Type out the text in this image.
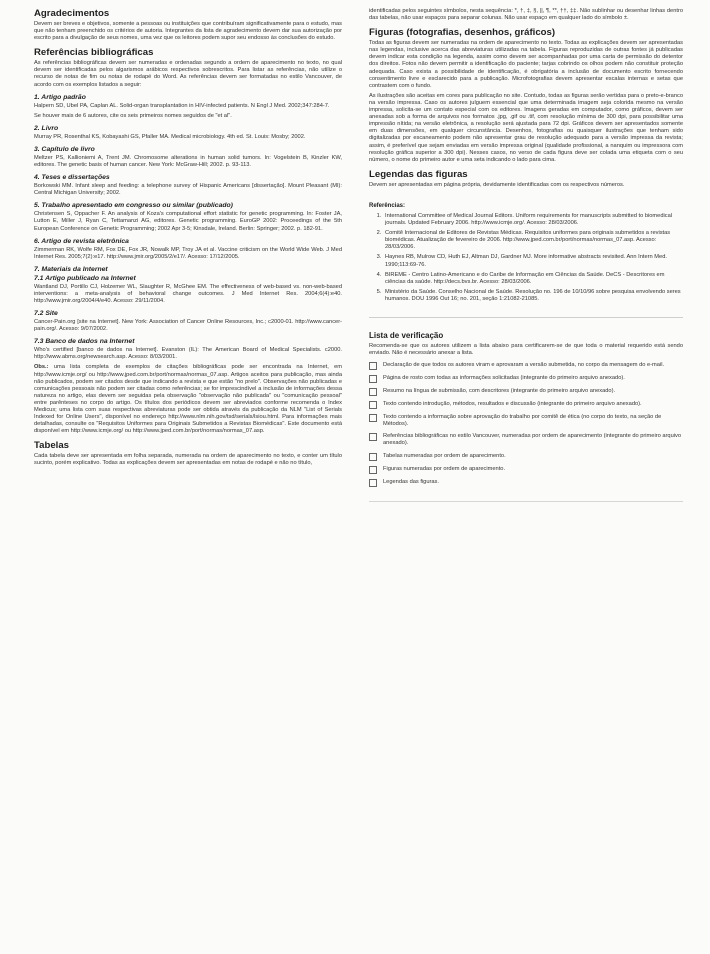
Agradecimentos

Devem ser breves e objetivos, somente a pessoas ou instituições que contribuíram significativamente para o estudo, mas que não tenham preenchido os critérios de autoria. Integrantes da lista de agradecimento devem dar sua autorização por escrito para a divulgação de seus nomes, uma vez que os leitores podem supor seu endosso às conclusões do estudo.

Referências bibliográficas

As referências bibliográficas devem ser numeradas e ordenadas segundo a ordem de aparecimento no texto, no qual devem ser identificadas pelos algarismos arábicos respectivos sobrescritos. Para listar as referências, não utilize o recurso de notas de fim ou notas de rodapé do Word. As referências devem ser formatadas no estilo Vancouver, de acordo com os exemplos listados a seguir:

1. Artigo padrão

Halpern SD, Ubel PA, Caplan AL. Solid-organ transplantation in HIV-infected patients. N Engl J Med. 2002;347:284-7.

Se houver mais de 6 autores, cite os seis primeiros nomes seguidos de "et al".

2. Livro

Murray PR, Rosenthal KS, Kobayashi GS, Pfaller MA. Medical microbiology. 4th ed. St. Louis: Mosby; 2002.

3. Capítulo de livro

Meltzer PS, Kallioniemi A, Trent JM. Chromosome alterations in human solid tumors. In: Vogelstein B, Kinzler KW, editores. The genetic basis of human cancer. New York: McGraw-Hill; 2002. p. 93-113.

4. Teses e dissertações

Borkowski MM. Infant sleep and feeding: a telephone survey of Hispanic Americans [dissertação]. Mount Pleasant (MI): Central Michigan University; 2002.

5. Trabalho apresentado em congresso ou similar (publicado)

Christensen S, Oppacher F. An analysis of Koza's computational effort statistic for genetic programming. In: Foster JA, Lutton E, Miller J, Ryan C, Tettamanzi AG, editores. Genetic programming. EuroGP 2002: Proceedings of the 5th European Conference on Genetic Programming; 2002 Apr 3-5; Kinsdale, Ireland. Berlin: Springer; 2002. p. 182-91.

6. Artigo de revista eletrônica

Zimmerman RK, Wolfe RM, Fox DE, Fox JR, Nowalk MP, Troy JA et al. Vaccine criticism on the World Wide Web. J Med Internet Res. 2005;7(2):e17. http://www.jmir.org/2005/2/e17/. Acesso: 17/12/2005.

7. Materiais da Internet
7.1 Artigo publicado na Internet

Wantland DJ, Portillo CJ, Holzemer WL, Slaughter R, McGhee EM. The effectiveness of web-based vs. non-web-based interventions: a meta-analysis of behavioral change outcomes. J Med Internet Res. 2004;6(4):e40. http://www.jmir.org/2004/4/e40. Acesso: 29/11/2004.

7.2 Site

Cancer-Pain.org [site na Internet]. New York: Association of Cancer Online Resources, Inc.; c2000-01. http://www.cancer-pain.org/. Acesso: 9/07/2002.

7.3 Banco de dados na Internet

Who's certified [banco de dados na Internet]. Evanston (IL): The American Board of Medical Specialists. c2000. http://www.abms.org/newsearch.asp. Acesso: 8/03/2001.

Obs.: uma lista completa de exemplos de citações bibliográficas pode ser encontrada na Internet, em http://www.icmje.org/ ou http://www.jped.com.br/port/normas/normas_07.asp. Artigos aceitos para publicação, mas ainda não publicados, podem ser citados desde que indicando a revista e que estão "no prelo". Observações não publicadas e comunicações pessoais não podem ser citadas como referências; se for imprescindível a inclusão de informações dessa natureza no artigo, elas devem ser seguidas pela observação "observação não publicada" ou "comunicação pessoal" entre parênteses no corpo do artigo. Os títulos dos periódicos devem ser abreviados conforme recomenda o Index Medicus; uma lista com suas respectivas abreviaturas pode ser obtida através da publicação da NLM "List of Serials Indexed for Online Users", disponível no endereço http://www.nlm.nih.gov/tsd/serials/lsiou.html. Para informações mais detalhadas, consulte os "Requisitos Uniformes para Originais Submetidos a Revistas Biomédicas". Este documento está disponível em http://www.icmje.org/ ou http://www.jped.com.br/port/normas/normas_07.asp.

Tabelas

Cada tabela deve ser apresentada em folha separada, numerada na ordem de aparecimento no texto, e conter um título sucinto, porém explicativo. Todas as explicações devem ser apresentadas em notas de rodapé e não no título,

identificadas pelos seguintes símbolos, nesta sequência: *, †, ‡, §, ||, ¶, **, ††, ‡‡. Não sublinhar ou desenhar linhas dentro das tabelas, não usar espaços para separar colunas. Não usar espaço em qualquer lado do símbolo ±.

Figuras (fotografias, desenhos, gráficos)

Todas as figuras devem ser numeradas na ordem de aparecimento no texto. Todas as explicações devem ser apresentadas nas legendas, inclusive acerca das abreviaturas utilizadas na tabela. Figuras reproduzidas de outras fontes já publicadas devem indicar esta condição na legenda, assim como devem ser acompanhadas por uma carta de permissão do detentor dos direitos. Fotos não devem permitir a identificação do paciente; tarjas cobrindo os olhos podem não constituir proteção adequada. Caso exista a possibilidade de identificação, é obrigatória a inclusão de documento escrito fornecendo consentimento livre e esclarecido para a publicação. Microfotografias devem apresentar escalas internas e setas que contrastem com o fundo.

As ilustrações são aceitas em cores para publicação no site. Contudo, todas as figuras serão vertidas para o preto-e-branco na versão impressa. Caso os autores julguem essencial que uma determinada imagem seja colorida mesmo na versão impressa, solicita-se um contato especial com os editores. Imagens geradas em computador, como gráficos, devem ser anexadas sob a forma de arquivos nos formatos .jpg, .gif ou .tif, com resolução mínima de 300 dpi, para possibilitar uma impressão nítida; na versão eletrônica, a resolução será ajustada para 72 dpi. Gráficos devem ser apresentados somente em duas dimensões, em qualquer circunstância. Desenhos, fotografias ou quaisquer ilustrações que tenham sido digitalizadas por escaneamento podem não apresentar grau de resolução adequado para a versão impressa da revista; assim, é preferível que sejam enviadas em versão impressa original (qualidade profissional, a nanquim ou impressora com resolução gráfica superior a 300 dpi). Nesses casos, no verso de cada figura deve ser colada uma etiqueta com o seu número, o nome do primeiro autor e uma seta indicando o lado para cima.

Legendas das figuras

Devem ser apresentadas em página própria, devidamente identificadas com os respectivos números.

Referências:
1. International Committee of Medical Journal Editors. Uniform requirements for manuscripts submitted to biomedical journals. Updated February 2006. http://www.icmje.org/. Acesso: 28/03/2006.
2. Comitê Internacional de Editores de Revistas Médicas. Requisitos uniformes para originais submetidos a revistas biomédicas. Atualização de fevereiro de 2006. http://www.jped.com.br/port/normas/normas_07.asp. Acesso: 28/03/2006.
3. Haynes RB, Mulrow CD, Huth EJ, Altman DJ, Gardner MJ. More informative abstracts revisited. Ann Intern Med. 1990;113:69-76.
4. BIREME - Centro Latino-Americano e do Caribe de Informação em Ciências da Saúde. DeCS - Descritores em ciências da saúde. http://decs.bvs.br. Acesso: 28/03/2006.
5. Ministério da Saúde. Conselho Nacional de Saúde. Resolução no. 196 de 10/10/96 sobre pesquisa envolvendo seres humanos. DOU 1996 Out 16; no. 201, seção 1:21082-21085.
Lista de verificação

Recomenda-se que os autores utilizem a lista abaixo para certificarem-se de que toda o material requerido está sendo enviado. Não é necessário anexar a lista.

Declaração de que todos os autores viram e aprovaram a versão submetida, no corpo da mensagem do e-mail.
Página de rosto com todas as informações solicitadas (integrante do primeiro arquivo anexado).
Resumo na língua de submissão, com descritores (integrante do primeiro arquivo anexado).
Texto contendo introdução, métodos, resultados e discussão (integrante do primeiro arquivo anexado).
Texto contendo a informação sobre aprovação do trabalho por comitê de ética (no corpo do texto, na seção de Métodos).
Referências bibliográficas no estilo Vancouver, numeradas por ordem de aparecimento (integrante do primeiro arquivo anexado).
Tabelas numeradas por ordem de aparecimento.
Figuras numeradas por ordem de aparecimento.
Legendas das figuras.
